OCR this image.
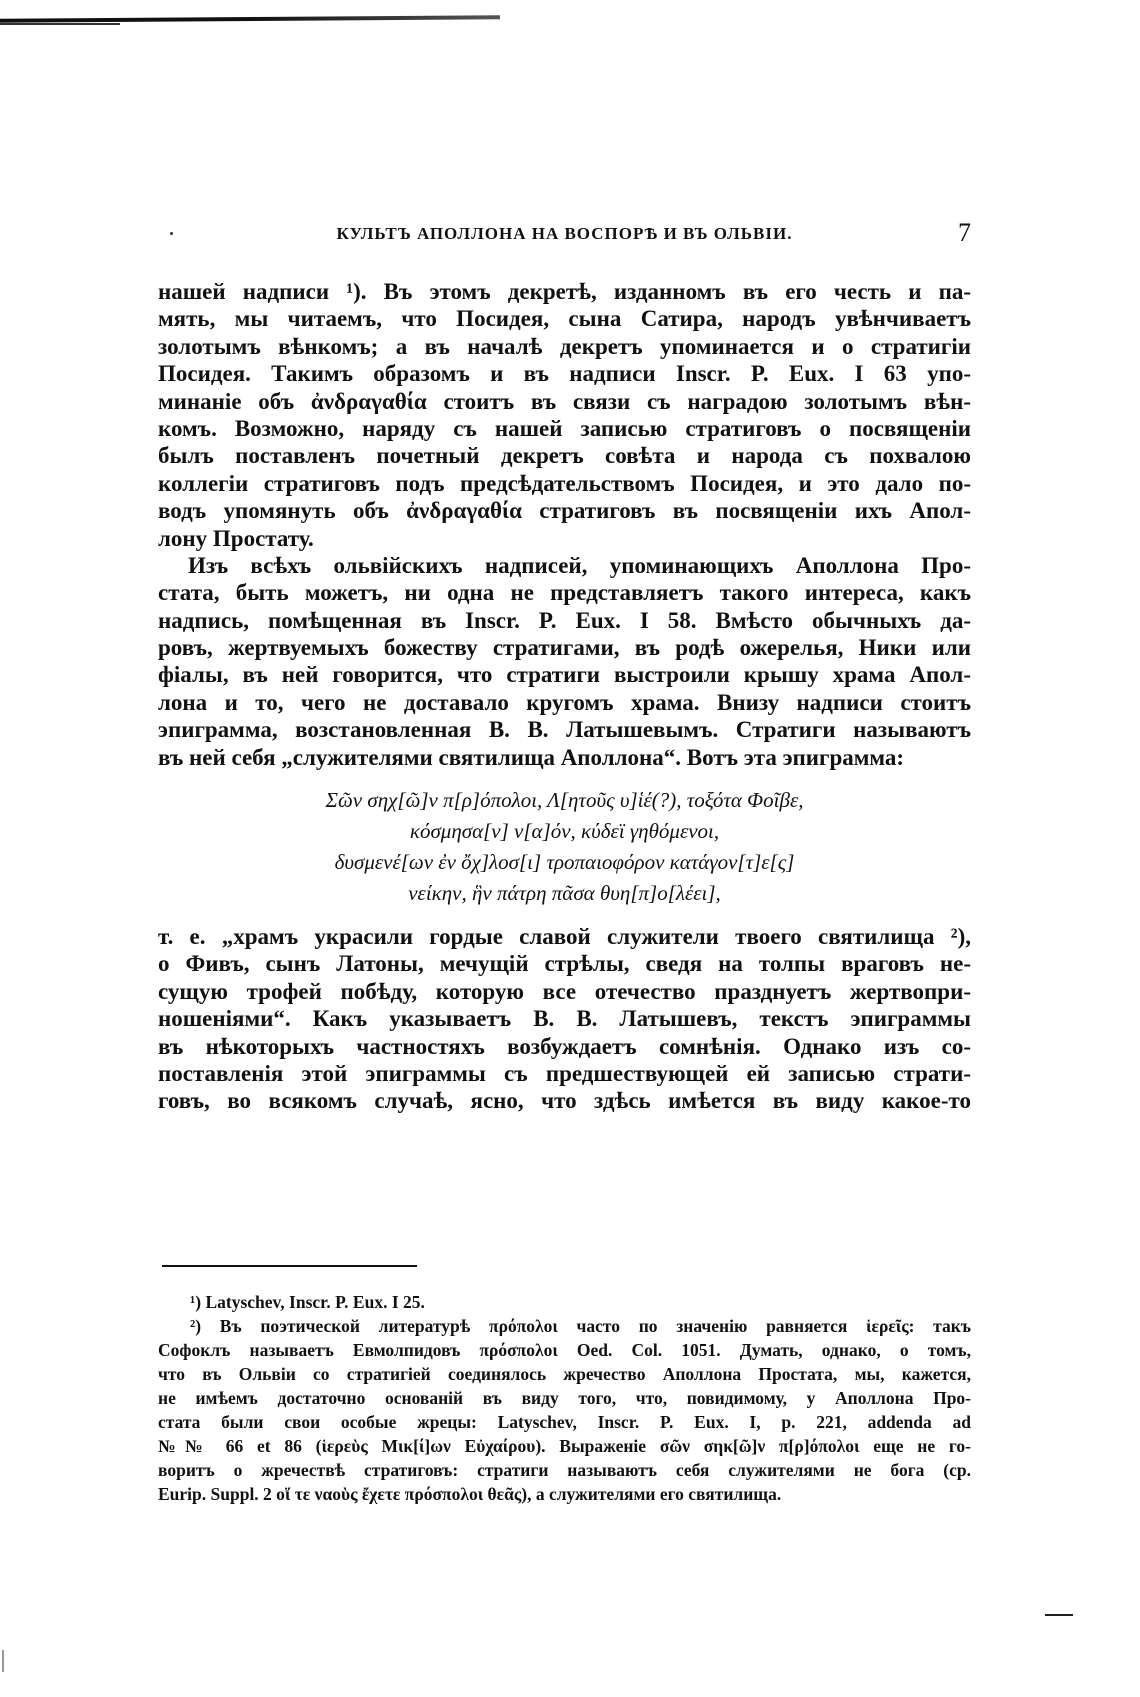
КУЛЬТЪ АПОЛЛОНА НА ВОСПОРѢ И ВЪ ОЛЬВІИ.	7
нашей надписи ¹). Въ этомъ декретѣ, изданномъ въ его честь и па-
мять, мы читаемъ, что Посидея, сына Сатира, народъ увѣнчиваетъ
золотымъ вѣнкомъ; а въ началѣ декретъ упоминается и о стратигіи
Посидея. Такимъ образомъ и въ надписи Inscr. P. Eux. I 63 упо-
минаніе объ ἀνδραγαθία стоитъ въ связи съ наградою золотымъ вѣн-
комъ. Возможно, наряду съ нашей записью стратиговъ о посвященіи
былъ поставленъ почетный декретъ совѣта и народа съ похвалою
коллегіи стратиговъ подъ предсѣдательствомъ Посидея, и это дало по-
водъ упомянуть объ ἀνδραγαθία стратиговъ въ посвященіи ихъ Апол-
лону Простату.
Изъ всѣхъ ольвійскихъ надписей, упоминающихъ Аполлона Про-
стата, быть можетъ, ни одна не представляетъ такого интереса, какъ
надпись, помѣщенная въ Inscr. P. Eux. I 58. Вмѣсто обычныхъ да-
ровъ, жертвуемыхъ божеству стратигами, въ родѣ ожерелья, Ники или
фіалы, въ ней говорится, что стратиги выстроили крышу храма Апол-
лона и то, чего не доставало кругомъ храма. Внизу надписи стоитъ
эпиграмма, возстановленная В. В. Латышевымъ. Стратиги называютъ
въ ней себя „служителями святилища Аполлона“. Вотъ эта эпиграмма:
Σῶν σηχ[ῶ]ν π[ρ]όπολοι, Λ[ητοῦς υ]ἱέ(?), τοξότα Φοῖβε,
κόσμησα[ν] ν[α]όν, κύδεϊ γηθόμενοι,
δυσμενέ[ων ἐν ὄχ]λοσ[ι] τροπαιοφόρον κατάγον[τ]ε[ς]
νείκην, ἣν πάτρη πᾶσα θυη[π]ο[λέει],
т. е. „храмъ украсили гордые славой служители твоего святилища ²),
о Фивъ, сынъ Латоны, мечущій стрѣлы, сведя на толпы враговъ не-
сущую трофей побѣду, которую все отечество празднуетъ жертвопри-
ношеніями“. Какъ указываетъ В. В. Латышевъ, текстъ эпиграммы
въ нѣкоторыхъ частностяхъ возбуждаетъ сомнѣнія. Однако изъ со-
поставленія этой эпиграммы съ предшествующей ей записью страти-
говъ, во всякомъ случаѣ, ясно, что здѣсь имѣется въ виду какое-то
¹) Latyschev, Inscr. P. Eux. I 25.
²) Въ поэтической литературѣ πρόπολοι часто по значенію равняется ἱερεῖς: такъ
Софоклъ называетъ Евмолпидовъ πρόσπολοι Oed. Col. 1051. Думать, однако, о томъ,
что въ Ольвіи со стратигіей соединялось жречество Аполлона Простата, мы, кажется,
не имѣемъ достаточно основаній въ виду того, что, повидимому, у Аполлона Про-
стата были свои особые жрецы: Latyschev, Inscr. P. Eux. I, p. 221, addenda ad
№№ 66 et 86 (ἱερεὺς Μικ[ί]ων Εὐχαίρου). Выраженіе σῶν σηκ[ῶ]ν π[ρ]όπολοι еще не го-
воритъ о жречествѣ стратиговъ: стратиги называютъ себя служителями не бога (ср.
Eurip. Suppl. 2 οἵ τε ναοὺς ἔχετε πρόσπολοι θεᾶς), а служителями его святилища.
